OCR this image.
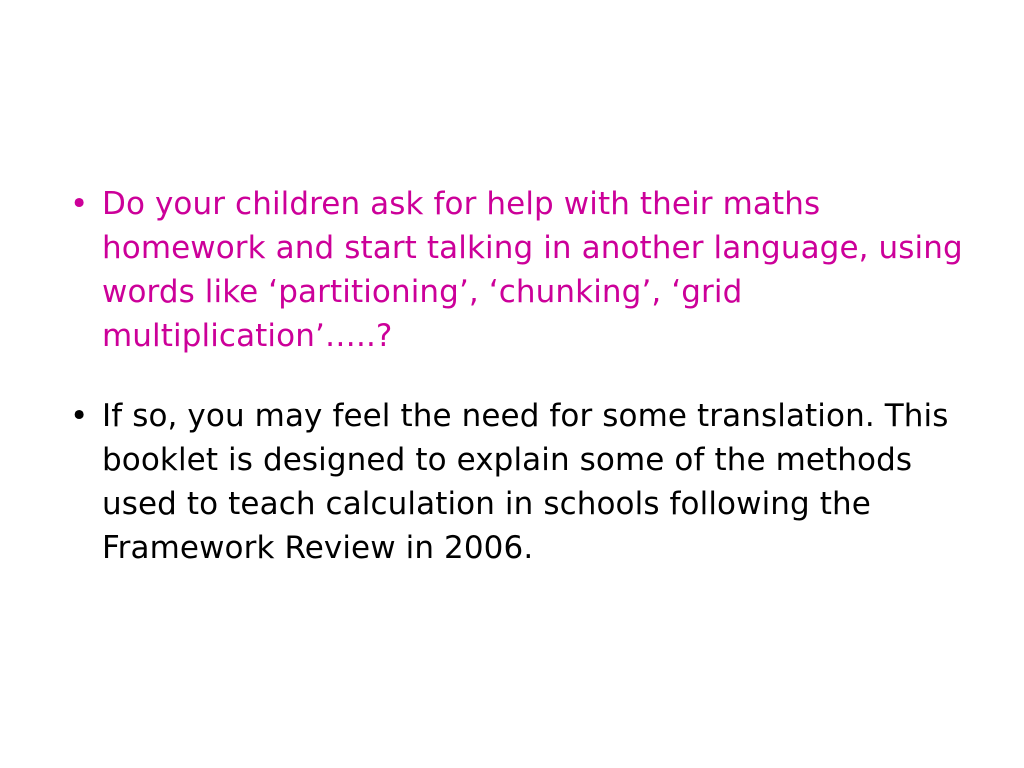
• Do your children ask for help with their maths homework and start talking in another language, using words like ‘partitioning’, ‘chunking’, ‘grid multiplication’…..?
• If so, you may feel the need for some translation. This booklet is designed to explain some of the methods used to teach calculation in schools following the Framework Review in 2006.
